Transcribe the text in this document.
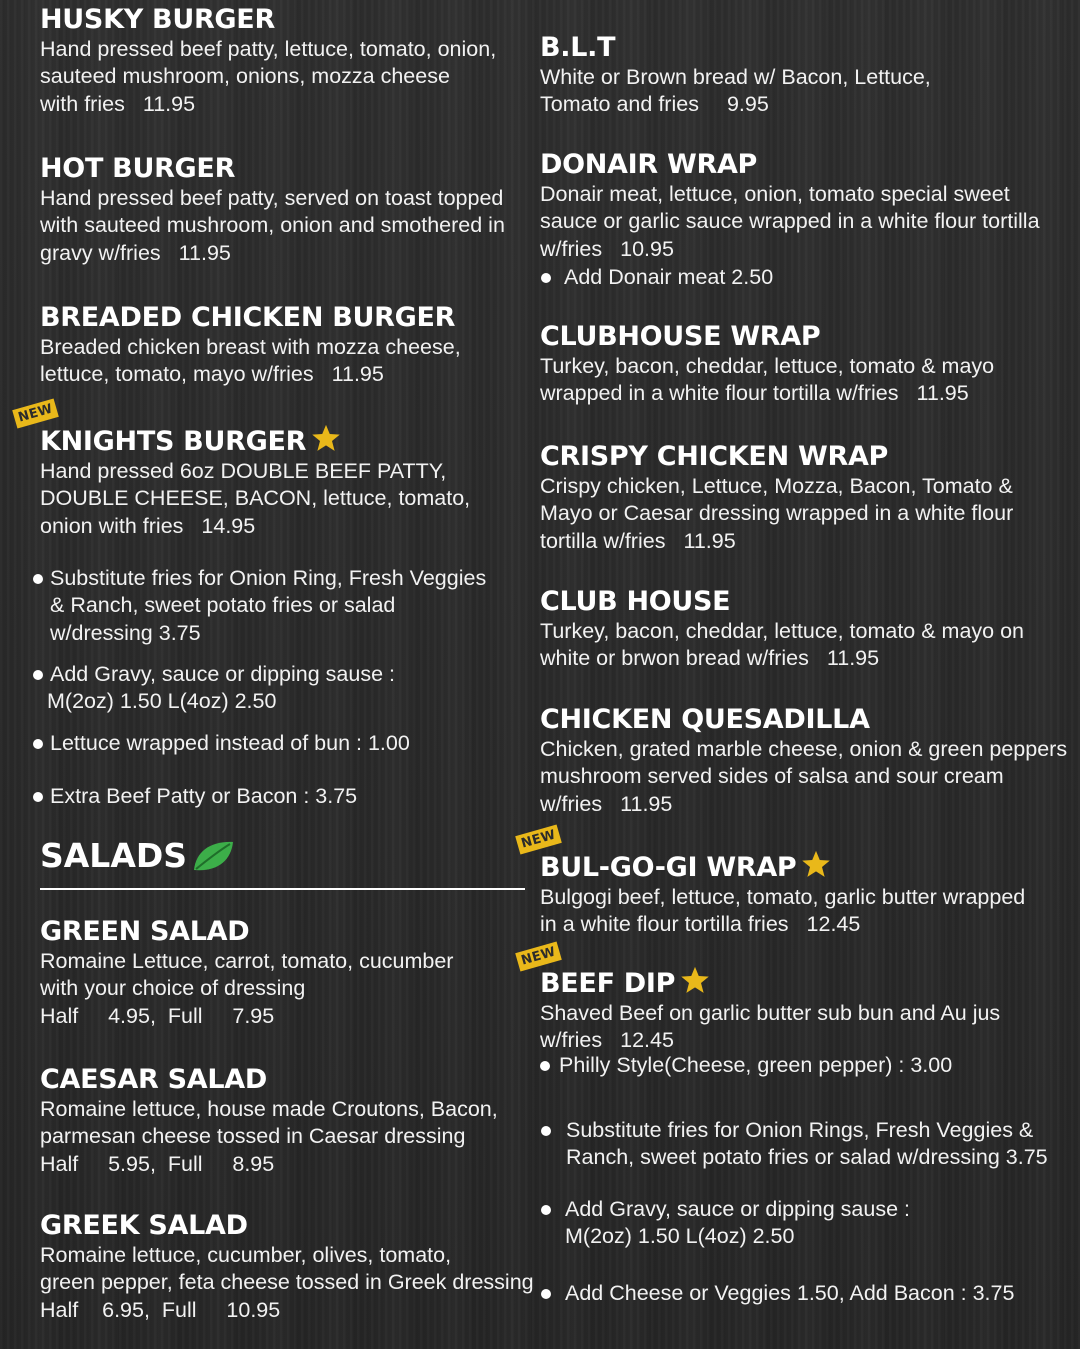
HUSKY BURGER
Hand pressed beef patty, lettuce, tomato, onion,
sauteed mushroom, onions, mozza cheese
with fries 11.95
HOT BURGER
Hand pressed beef patty, served on toast topped
with sauteed mushroom, onion and smothered in
gravy w/fries 11.95
BREADED CHICKEN BURGER
Breaded chicken breast with mozza cheese,
lettuce, tomato, mayo w/fries 11.95
NEW
KNIGHTS BURGER
Hand pressed 6oz DOUBLE BEEF PATTY,
DOUBLE CHEESE, BACON, lettuce, tomato,
onion with fries 14.95
Substitute fries for Onion Ring, Fresh Veggies
& Ranch, sweet potato fries or salad
w/dressing 3.75
Add Gravy, sauce or dipping sause :
M(2oz) 1.50 L(4oz) 2.50
Lettuce wrapped instead of bun : 1.00
Extra Beef Patty or Bacon : 3.75
SALADS
GREEN SALAD
Romaine Lettuce, carrot, tomato, cucumber
with your choice of dressing
Half     4.95,  Full     7.95
CAESAR SALAD
Romaine lettuce, house made Croutons, Bacon,
parmesan cheese tossed in Caesar dressing
Half     5.95,  Full     8.95
GREEK SALAD
Romaine lettuce, cucumber, olives, tomato,
green pepper, feta cheese tossed in Greek dressing
Half    6.95,  Full     10.95
B.L.T
White or Brown bread w/ Bacon, Lettuce,
Tomato and fries 9.95
DONAIR WRAP
Donair meat, lettuce, onion, tomato special sweet
sauce or garlic sauce wrapped in a white flour tortilla
w/fries 10.95
Add Donair meat 2.50
CLUBHOUSE WRAP
Turkey, bacon, cheddar, lettuce, tomato & mayo
wrapped in a white flour tortilla w/fries 11.95
CRISPY CHICKEN WRAP
Crispy chicken, Lettuce, Mozza, Bacon, Tomato &
Mayo or Caesar dressing wrapped in a white flour
tortilla w/fries 11.95
CLUB HOUSE
Turkey, bacon, cheddar, lettuce, tomato & mayo on
white or brwon bread w/fries 11.95
CHICKEN QUESADILLA
Chicken, grated marble cheese, onion & green peppers
mushroom served sides of salsa and sour cream
w/fries 11.95
NEW
BUL-GO-GI WRAP
Bulgogi beef, lettuce, tomato, garlic butter wrapped
in a white flour tortilla fries 12.45
NEW
BEEF DIP
Shaved Beef on garlic butter sub bun and Au jus
w/fries 12.45
Philly Style(Cheese, green pepper) : 3.00
Substitute fries for Onion Rings, Fresh Veggies &
Ranch, sweet potato fries or salad w/dressing 3.75
Add Gravy, sauce or dipping sause :
M(2oz) 1.50 L(4oz) 2.50
Add Cheese or Veggies 1.50, Add Bacon : 3.75
